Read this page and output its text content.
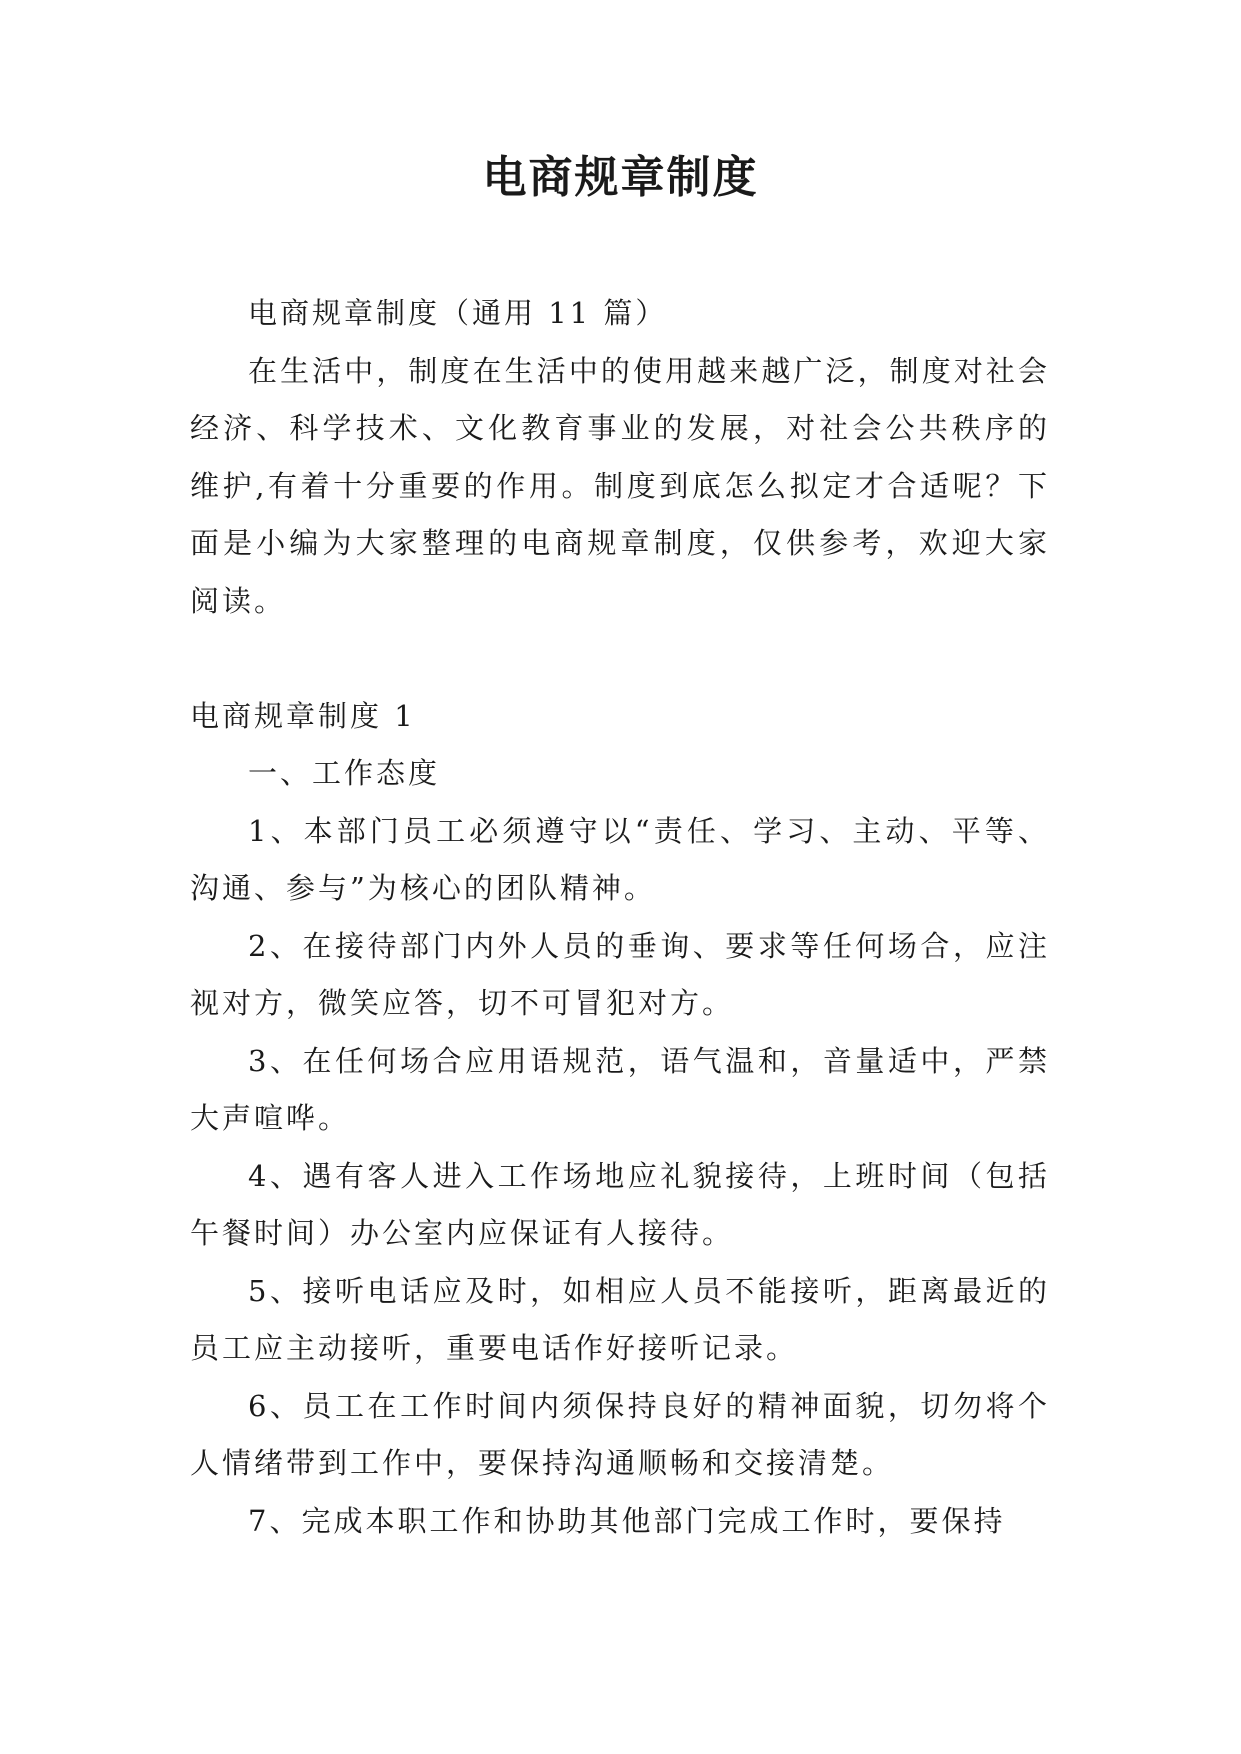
电商规章制度

电商规章制度（通用 11 篇）

在生活中，制度在生活中的使用越来越广泛，制度对社会经济、科学技术、文化教育事业的发展，对社会公共秩序的维护,有着十分重要的作用。制度到底怎么拟定才合适呢？下面是小编为大家整理的电商规章制度，仅供参考，欢迎大家阅读。

电商规章制度 1

一、工作态度

1、本部门员工必须遵守以“责任、学习、主动、平等、沟通、参与”为核心的团队精神。

2、在接待部门内外人员的垂询、要求等任何场合，应注视对方，微笑应答，切不可冒犯对方。

3、在任何场合应用语规范，语气温和，音量适中，严禁大声喧哗。

4、遇有客人进入工作场地应礼貌接待，上班时间（包括午餐时间）办公室内应保证有人接待。

5、接听电话应及时，如相应人员不能接听，距离最近的员工应主动接听，重要电话作好接听记录。

6、员工在工作时间内须保持良好的精神面貌，切勿将个人情绪带到工作中，要保持沟通顺畅和交接清楚。

7、完成本职工作和协助其他部门完成工作时，要保持
